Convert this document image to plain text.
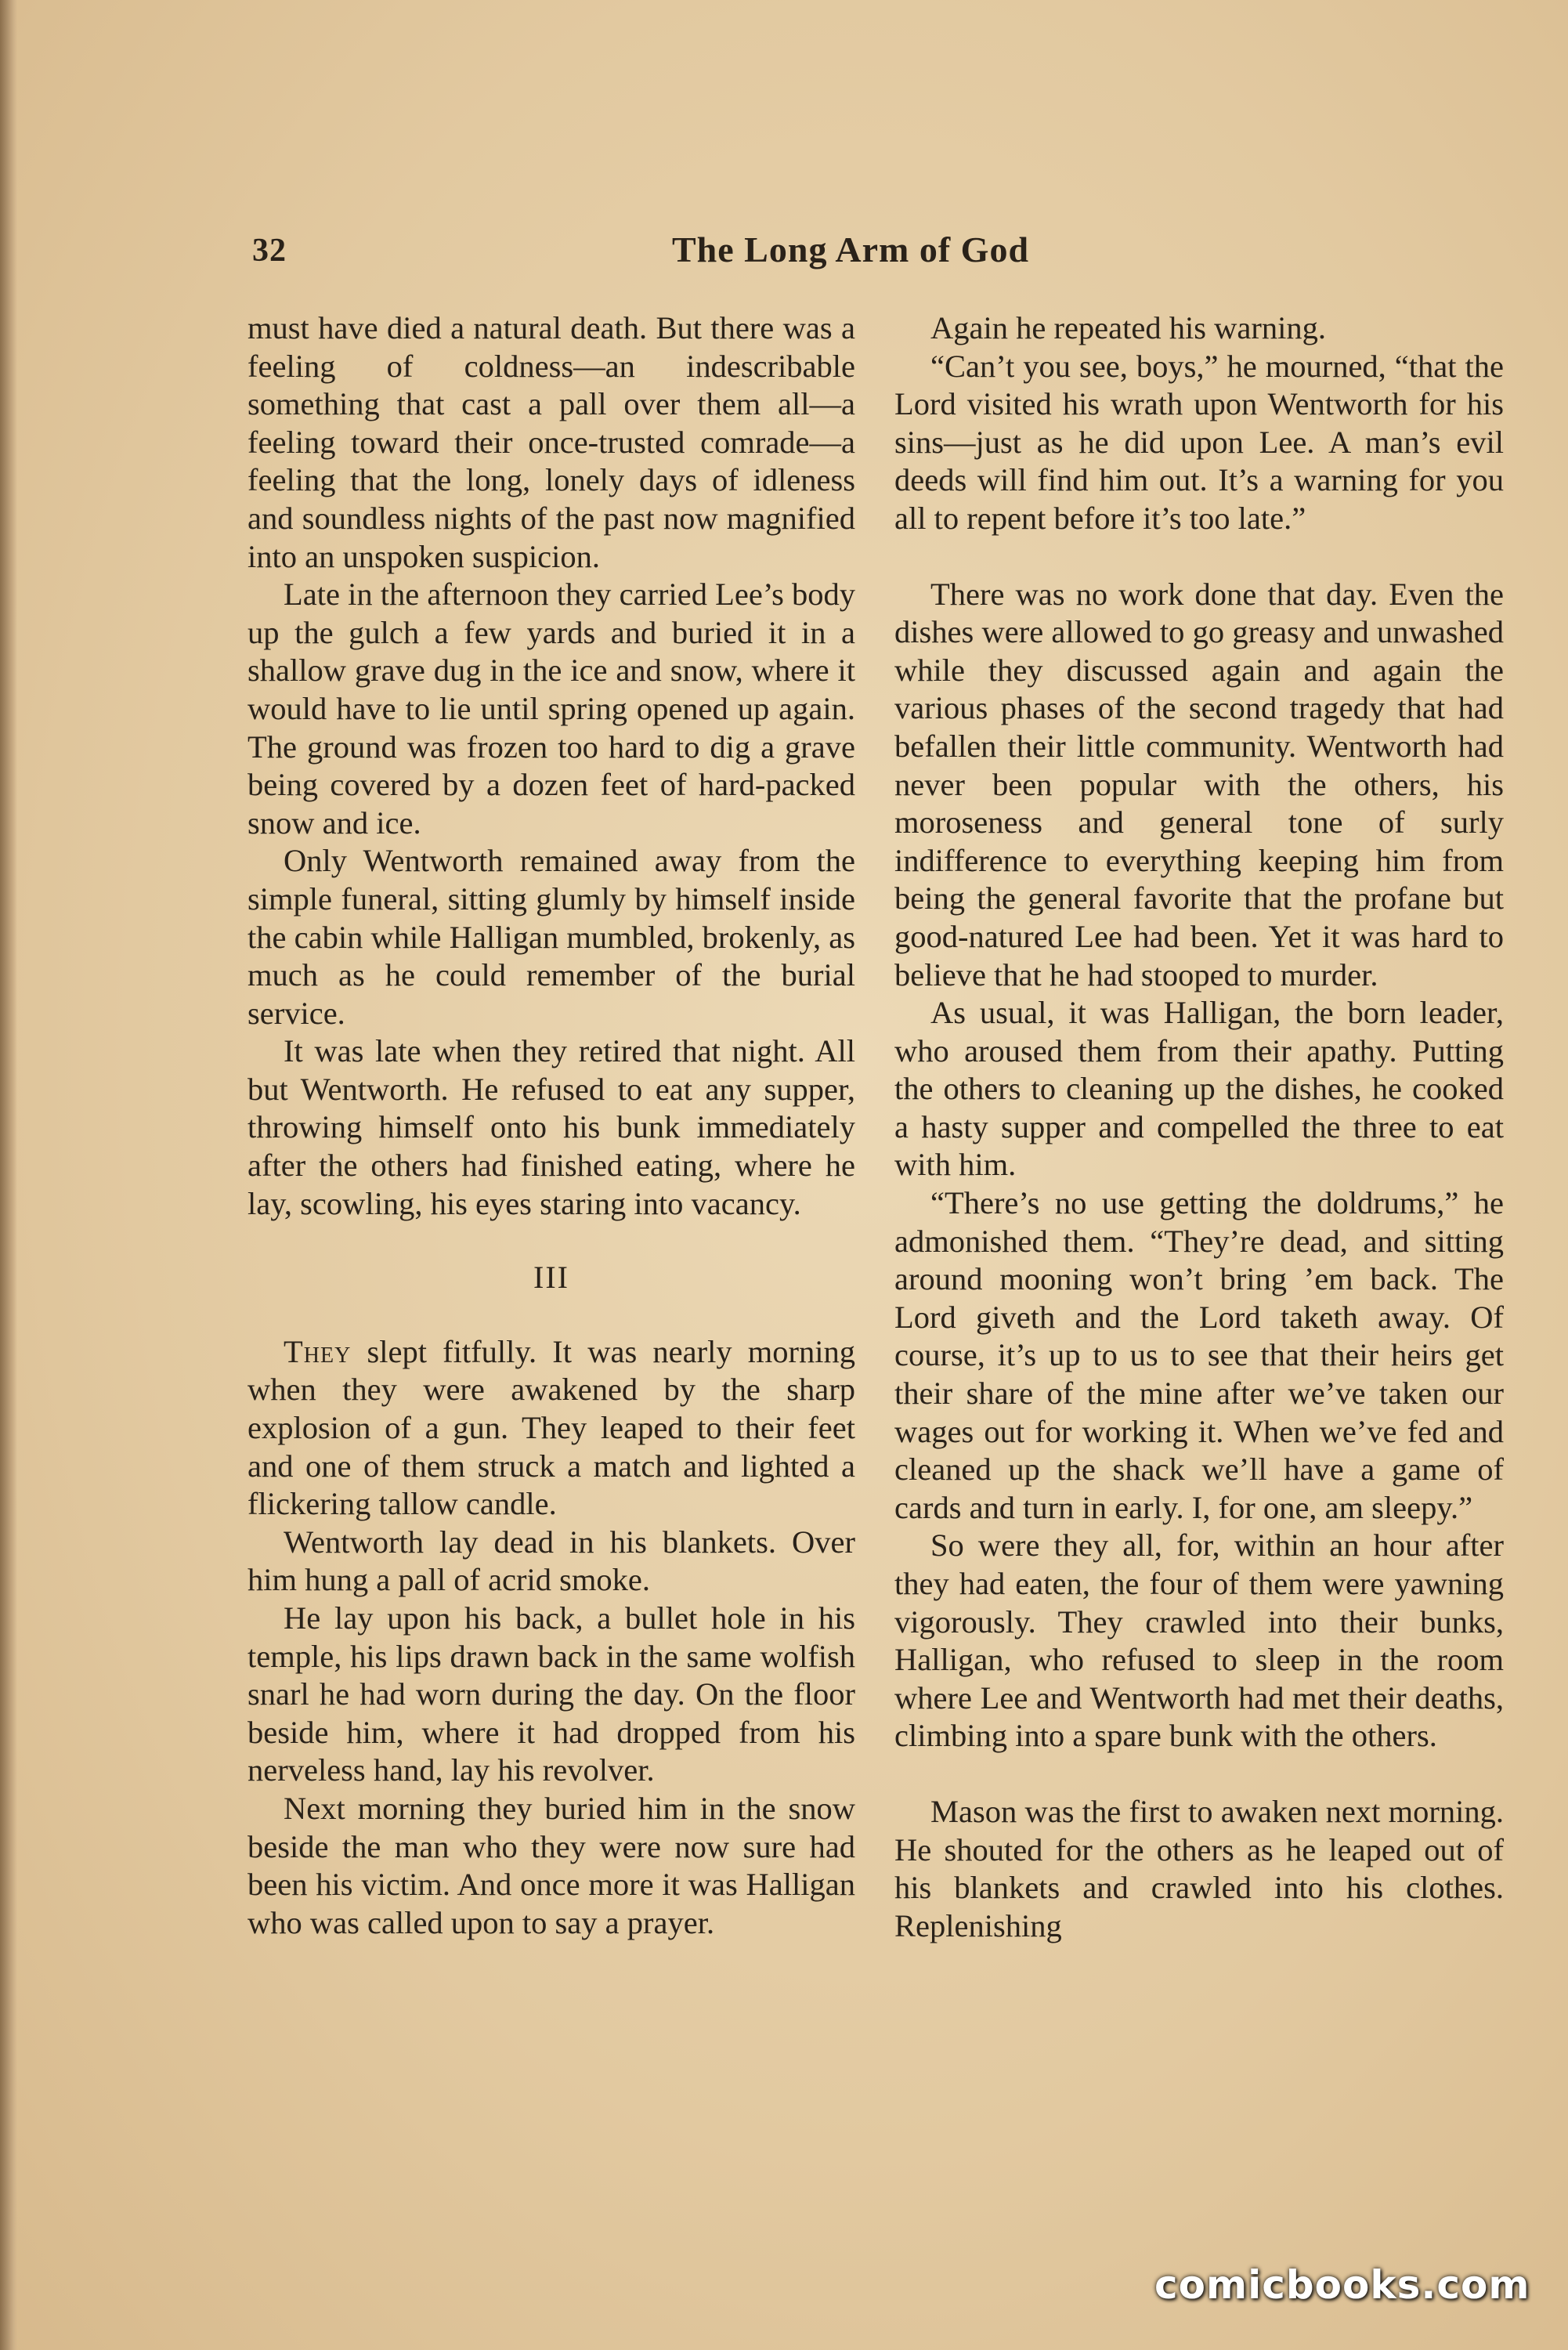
32	The Long Arm of God

must have died a natural death. But there was a feeling of coldness—an indescribable something that cast a pall over them all—a feeling toward their once-trusted comrade—a feeling that the long, lonely days of idleness and soundless nights of the past now magnified into an unspoken suspicion.

Late in the afternoon they carried Lee’s body up the gulch a few yards and buried it in a shallow grave dug in the ice and snow, where it would have to lie until spring opened up again. The ground was frozen too hard to dig a grave being covered by a dozen feet of hard-packed snow and ice.

Only Wentworth remained away from the simple funeral, sitting glumly by himself inside the cabin while Halligan mumbled, brokenly, as much as he could remember of the burial service.

It was late when they retired that night. All but Wentworth. He refused to eat any supper, throwing himself onto his bunk immediately after the others had finished eating, where he lay, scowling, his eyes staring into vacancy.

III

They slept fitfully. It was nearly morning when they were awakened by the sharp explosion of a gun. They leaped to their feet and one of them struck a match and lighted a flickering tallow candle.

Wentworth lay dead in his blankets. Over him hung a pall of acrid smoke.

He lay upon his back, a bullet hole in his temple, his lips drawn back in the same wolfish snarl he had worn during the day. On the floor beside him, where it had dropped from his nerveless hand, lay his revolver.

Next morning they buried him in the snow beside the man who they were now sure had been his victim. And once more it was Halligan who was called upon to say a prayer.

Again he repeated his warning.

“Can’t you see, boys,” he mourned, “that the Lord visited his wrath upon Wentworth for his sins—just as he did upon Lee. A man’s evil deeds will find him out. It’s a warning for you all to repent before it’s too late.”

There was no work done that day. Even the dishes were allowed to go greasy and unwashed while they discussed again and again the various phases of the second tragedy that had befallen their little community. Wentworth had never been popular with the others, his moroseness and general tone of surly indifference to everything keeping him from being the general favorite that the profane but good-natured Lee had been. Yet it was hard to believe that he had stooped to murder.

As usual, it was Halligan, the born leader, who aroused them from their apathy. Putting the others to cleaning up the dishes, he cooked a hasty supper and compelled the three to eat with him.

“There’s no use getting the doldrums,” he admonished them. “They’re dead, and sitting around mooning won’t bring ’em back. The Lord giveth and the Lord taketh away. Of course, it’s up to us to see that their heirs get their share of the mine after we’ve taken our wages out for working it. When we’ve fed and cleaned up the shack we’ll have a game of cards and turn in early. I, for one, am sleepy.”

So were they all, for, within an hour after they had eaten, the four of them were yawning vigorously. They crawled into their bunks, Halligan, who refused to sleep in the room where Lee and Wentworth had met their deaths, climbing into a spare bunk with the others.

Mason was the first to awaken next morning. He shouted for the others as he leaped out of his blankets and crawled into his clothes. Replenishing

comicbooks.com
